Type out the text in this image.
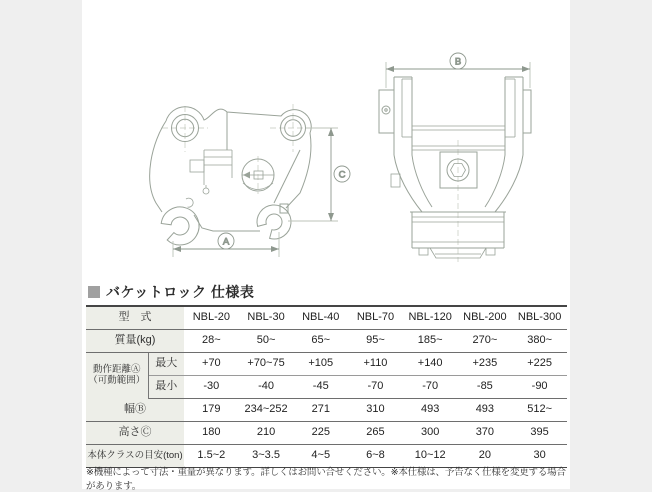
A
C
B
バケットロック 仕様表
型　式		NBL-20	NBL-30	NBL-40	NBL-70	NBL-120	NBL-200	NBL-300
質量(kg)		28~	50~	65~	95~	185~	270~	380~

動作距離Ⓐ
（可動範囲）	最大	+70	+70~75	+105	+110	+140	+235	+225
	最小	-30	-40	-45	-70	-70	-85	-90
幅Ⓑ		179	234~252	271	310	493	493	512~
高さⒸ		180	210	225	265	300	370	395
本体クラスの目安(ton)		1.5~2	3~3.5	4~5	6~8	10~12	20	30
※機種によって寸法・重量が異なります。詳しくはお問い合せください。※本仕様は、予告なく仕様を変更する場合があります。
